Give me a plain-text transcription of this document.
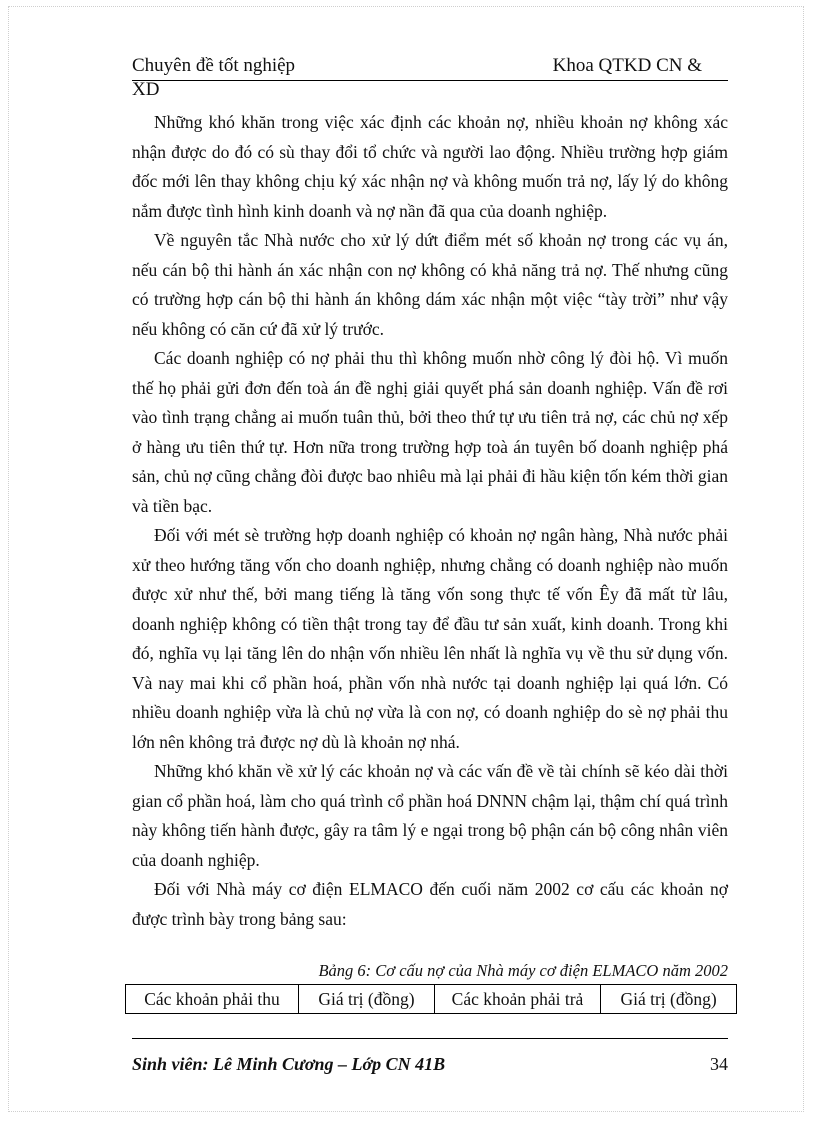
Chuyên đề tốt nghiệp	Khoa QTKD CN &
XD

Những khó khăn trong việc xác định các khoản nợ, nhiều khoản nợ không xác nhận được do đó có sù thay đổi tổ chức và người lao động. Nhiều trường hợp giám đốc mới lên thay không chịu ký xác nhận nợ và không muốn trả nợ, lấy lý do không nắm được tình hình kinh doanh và nợ nần đã qua của doanh nghiệp.

Về nguyên tắc Nhà nước cho xử lý dứt điểm mét số khoản nợ trong các vụ án, nếu cán bộ thi hành án xác nhận con nợ không có khả năng trả nợ. Thế nhưng cũng có trường hợp cán bộ thi hành án không dám xác nhận một việc “tày trời” như vậy nếu không có căn cứ đã xử lý trước.

Các doanh nghiệp có nợ phải thu thì không muốn nhờ công lý đòi hộ. Vì muốn thế họ phải gửi đơn đến toà án đề nghị giải quyết phá sản doanh nghiệp. Vấn đề rơi vào tình trạng chẳng ai muốn tuân thủ, bởi theo thứ tự ưu tiên trả nợ, các chủ nợ xếp ở hàng ưu tiên thứ tự. Hơn nữa trong trường hợp toà án tuyên bố doanh nghiệp phá sản, chủ nợ cũng chẳng đòi được bao nhiêu mà lại phải đi hầu kiện tốn kém thời gian và tiền bạc.

Đối với mét sè trường hợp doanh nghiệp có khoản nợ ngân hàng, Nhà nước phải xử theo hướng tăng vốn cho doanh nghiệp, nhưng chẳng có doanh nghiệp nào muốn được xử như thế, bởi mang tiếng là tăng vốn song thực tế vốn Êy đã mất từ lâu, doanh nghiệp không có tiền thật trong tay để đầu tư sản xuất, kinh doanh. Trong khi đó, nghĩa vụ lại tăng lên do nhận vốn nhiều lên nhất là nghĩa vụ về thu sử dụng vốn. Và nay mai khi cổ phần hoá, phần vốn nhà nước tại doanh nghiệp lại quá lớn. Có nhiều doanh nghiệp vừa là chủ nợ vừa là con nợ, có doanh nghiệp do sè nợ phải thu lớn nên không trả được nợ dù là khoản nợ nhá.

Những khó khăn về xử lý các khoản nợ và các vấn đề về tài chính sẽ kéo dài thời gian cổ phần hoá, làm cho quá trình cổ phần hoá DNNN chậm lại, thậm chí quá trình này không tiến hành được, gây ra tâm lý e ngại trong bộ phận cán bộ công nhân viên của doanh nghiệp.

Đối với Nhà máy cơ điện ELMACO đến cuối năm 2002 cơ cấu các khoản nợ được trình bày trong bảng sau:

Bảng 6: Cơ cấu nợ của Nhà máy cơ điện ELMACO năm 2002
Các khoản phải thu	Giá trị (đồng)	Các khoản phải trả	Giá trị (đồng)
Sinh viên: Lê Minh Cương – Lớp CN 41B	34
